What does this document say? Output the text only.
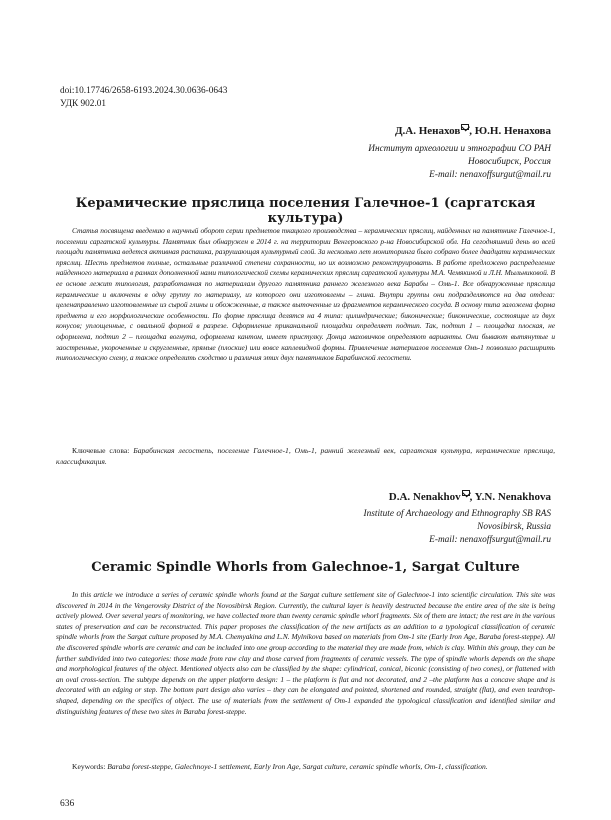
doi:10.17746/2658-6193.2024.30.0636-0643
УДК 902.01
Д.А. Ненахов , Ю.Н. Ненахова
Институт археологии и этнографии СО РАН
Новосибирск, Россия
E-mail: nenaxoffsurgut@mail.ru
Керамические пряслица поселения Галечное-1 (саргатская культура)
Статья посвящена введению в научный оборот серии предметов ткацкого производства – керамических пряслиц, найденных на памятнике Галечное-1, поселении саргатской культуры. Памятник был обнаружен в 2014 г. на территории Венгеровского р-на Новосибирской обл. На сегодняшний день во всей площади памятника ведется активная распашка, разрушающая культурный слой. За несколько лет мониторинга было собрано более двадцати керамических пряслиц. Шесть предметов полные, остальные различной степени сохранности, но их возможно реконструировать. В работе предложено распределение найденного материала в рамках дополненной нами типологической схемы керамических пряслиц саргатской культуры М.А. Чемякиной и Л.Н. Мыльниковой. В ее основе лежит типология, разработанная по материалам другого памятника раннего железного века Барабы – Омь-1. Все обнаруженные пряслица керамические и включены в одну группу по материалу, из которого они изготовлены – глина. Внутри группы они подразделяются на два отдела: целенаправленно изготовленные из сырой глины и обожженные, а также выточенные из фрагментов керамического сосуда. В основу типа заложена форма предмета и его морфологические особенности. По форме пряслица делятся на 4 типа: цилиндрические; биконические; биконические, состоящие из двух конусов; уплощенные, с овальной формой в разрезе. Оформление приканальной площадки определяет подтип. Так, подтип 1 – площадка плоская, не оформлена, подтип 2 – площадка вогнута, оформлена кантом, имеет пристулку. Донца маховичков определяют варианты. Они бывают вытянутые и заостренные, укороченные и скругленные, прямые (плоские) или вовсе каплевидной формы. Привлечение материалов поселения Омь-1 позволило расширить типологическую схему, а также определить сходство и различия этих двух памятников Барабинской лесостепи.
Ключевые слова: Барабинская лесостепь, поселение Галечное-1, Омь-1, ранний железный век, саргатская культура, керамические пряслица, классификация.
D.A. Nenakhov , Y.N. Nenakhova
Institute of Archaeology and Ethnography SB RAS
Novosibirsk, Russia
E-mail: nenaxoffsurgut@mail.ru
Ceramic Spindle Whorls from Galechnoe-1, Sargat Culture
In this article we introduce a series of ceramic spindle whorls found at the Sargat culture settlement site of Galechnoe-1 into scientific circulation. This site was discovered in 2014 in the Vengerovsky District of the Novosibirsk Region. Currently, the cultural layer is heavily destructed because the entire area of the site is being actively plowed. Over several years of monitoring, we have collected more than twenty ceramic spindle whorl fragments. Six of them are intact; the rest are in the various states of preservation and can be reconstructed. This paper proposes the classification of the new artifacts as an addition to a typological classification of ceramic spindle whorls from the Sargat culture proposed by M.A. Chemyakina and L.N. Mylnikova based on materials from Om-1 site (Early Iron Age, Baraba forest-steppe). All the discovered spindle whorls are ceramic and can be included into one group according to the material they are made from, which is clay. Within this group, they can be further subdivided into two categories: those made from raw clay and those carved from fragments of ceramic vessels. The type of spindle whorls depends on the shape and morphological features of the object. Mentioned objects also can be classified by the shape: cylindrical, conical, biconic (consisting of two cones), or flattened with an oval cross-section. The subtype depends on the upper platform design: 1 – the platform is flat and not decorated, and 2 –the platform has a concave shape and is decorated with an edging or step. The bottom part design also varies – they can be elongated and pointed, shortened and rounded, straight (flat), and even teardrop-shaped, depending on the specifics of object. The use of materials from the settlement of Om-1 expanded the typological classification and identified similar and distinguishing features of these two sites in Baraba forest-steppe.
Keywords: Baraba forest-steppe, Galechnoye-1 settlement, Early Iron Age, Sargat culture, ceramic spindle whorls, Om-1, classification.
636
